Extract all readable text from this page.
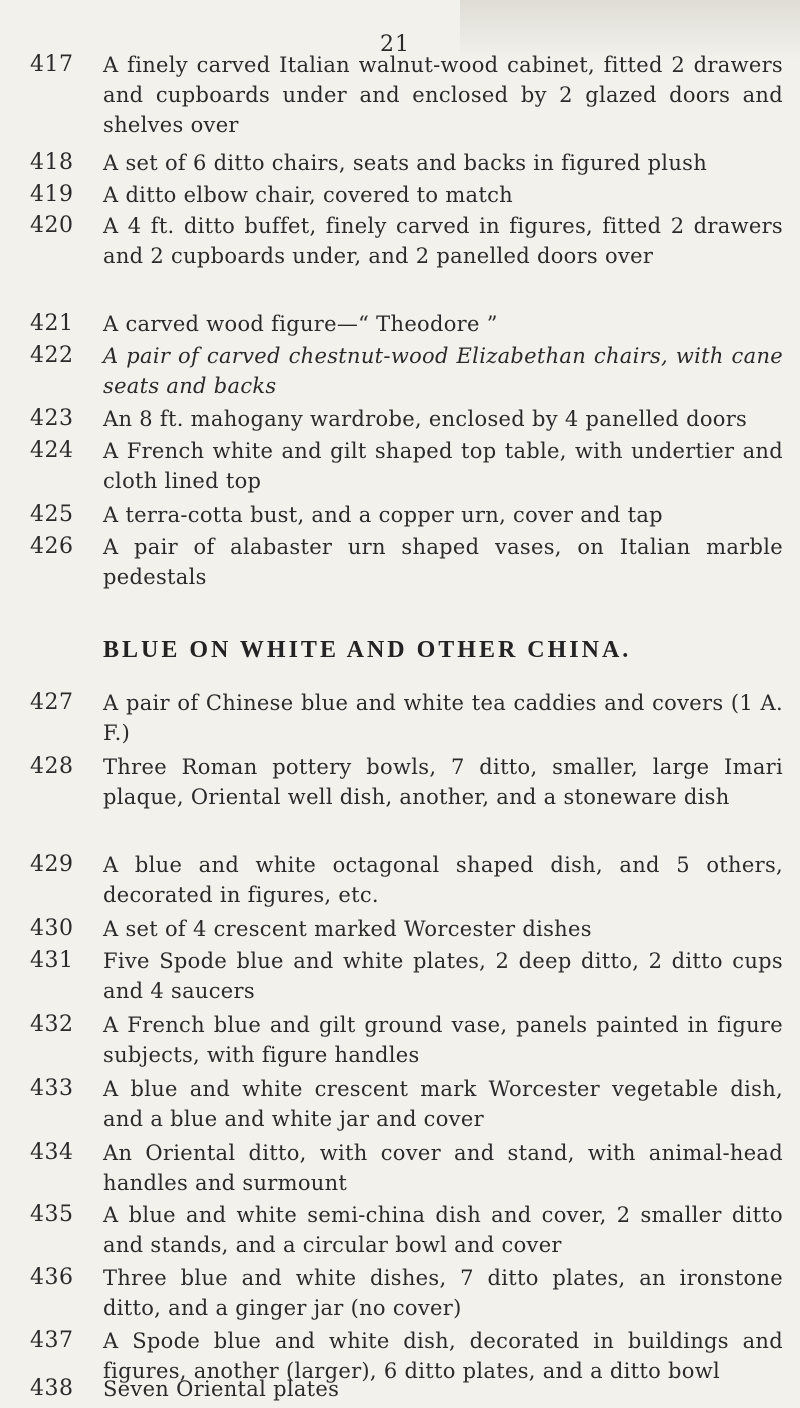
21
417 A finely carved Italian walnut-wood cabinet, fitted 2 drawers and cupboards under and enclosed by 2 glazed doors and shelves over
418 A set of 6 ditto chairs, seats and backs in figured plush
419 A ditto elbow chair, covered to match
420 A 4 ft. ditto buffet, finely carved in figures, fitted 2 drawers and 2 cupboards under, and 2 panelled doors over
421 A carved wood figure—“ Theodore ”
422 A pair of carved chestnut-wood Elizabethan chairs, with cane seats and backs
423 An 8 ft. mahogany wardrobe, enclosed by 4 panelled doors
424 A French white and gilt shaped top table, with undertier and cloth lined top
425 A terra-cotta bust, and a copper urn, cover and tap
426 A pair of alabaster urn shaped vases, on Italian marble pedestals
BLUE ON WHITE AND OTHER CHINA.
427 A pair of Chinese blue and white tea caddies and covers (1 A. F.)
428 Three Roman pottery bowls, 7 ditto, smaller, large Imari plaque, Oriental well dish, another, and a stoneware dish
429 A blue and white octagonal shaped dish, and 5 others, decorated in figures, etc.
430 A set of 4 crescent marked Worcester dishes
431 Five Spode blue and white plates, 2 deep ditto, 2 ditto cups and 4 saucers
432 A French blue and gilt ground vase, panels painted in figure subjects, with figure handles
433 A blue and white crescent mark Worcester vegetable dish, and a blue and white jar and cover
434 An Oriental ditto, with cover and stand, with animal-head handles and surmount
435 A blue and white semi-china dish and cover, 2 smaller ditto and stands, and a circular bowl and cover
436 Three blue and white dishes, 7 ditto plates, an ironstone ditto, and a ginger jar (no cover)
437 A Spode blue and white dish, decorated in buildings and figures, another (larger), 6 ditto plates, and a ditto bowl
438 Seven Oriental plates
